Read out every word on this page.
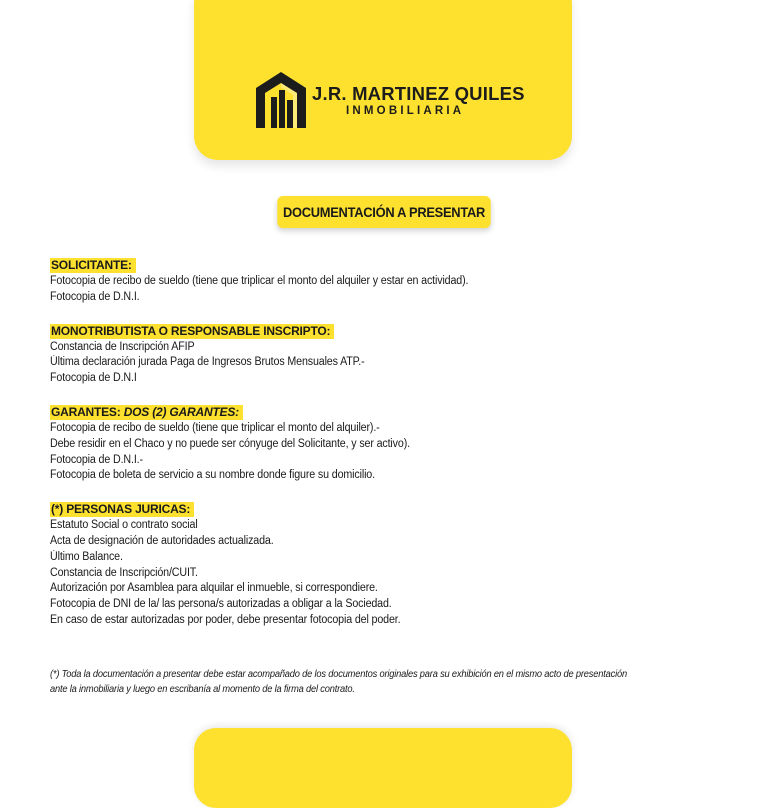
J.R. MARTINEZ QUILES
INMOBILIARIA
DOCUMENTACIÓN A PRESENTAR
SOLICITANTE:
Fotocopia de recibo de sueldo (tiene que triplicar el monto del alquiler y estar en actividad).
Fotocopia de D.N.I.
MONOTRIBUTISTA O RESPONSABLE INSCRIPTO:
Constancia de Inscripción AFIP
Última declaración jurada Paga de Ingresos Brutos Mensuales ATP.-
Fotocopia de D.N.I
GARANTES: DOS (2) GARANTES:
Fotocopia de recibo de sueldo (tiene que triplicar el monto del alquiler).-
Debe residir en el Chaco y no puede ser cónyuge del Solicitante, y ser activo).
Fotocopia de D.N.I.-
Fotocopia de boleta de servicio a su nombre donde figure su domicilio.
(*) PERSONAS JURICAS:
Estatuto Social o contrato social
Acta de designación de autoridades actualizada.
Último Balance.
Constancia de Inscripción/CUIT.
Autorización por Asamblea para alquilar el inmueble, si correspondiere.
Fotocopia de DNI de la/ las persona/s autorizadas a obligar a la Sociedad.
En caso de estar autorizadas por poder, debe presentar fotocopia del poder.
(*) Toda la documentación a presentar debe estar acompañado de los documentos originales para su exhibición en el mismo acto de presentación
ante la inmobiliaria y luego en escribanía al momento de la firma del contrato.
